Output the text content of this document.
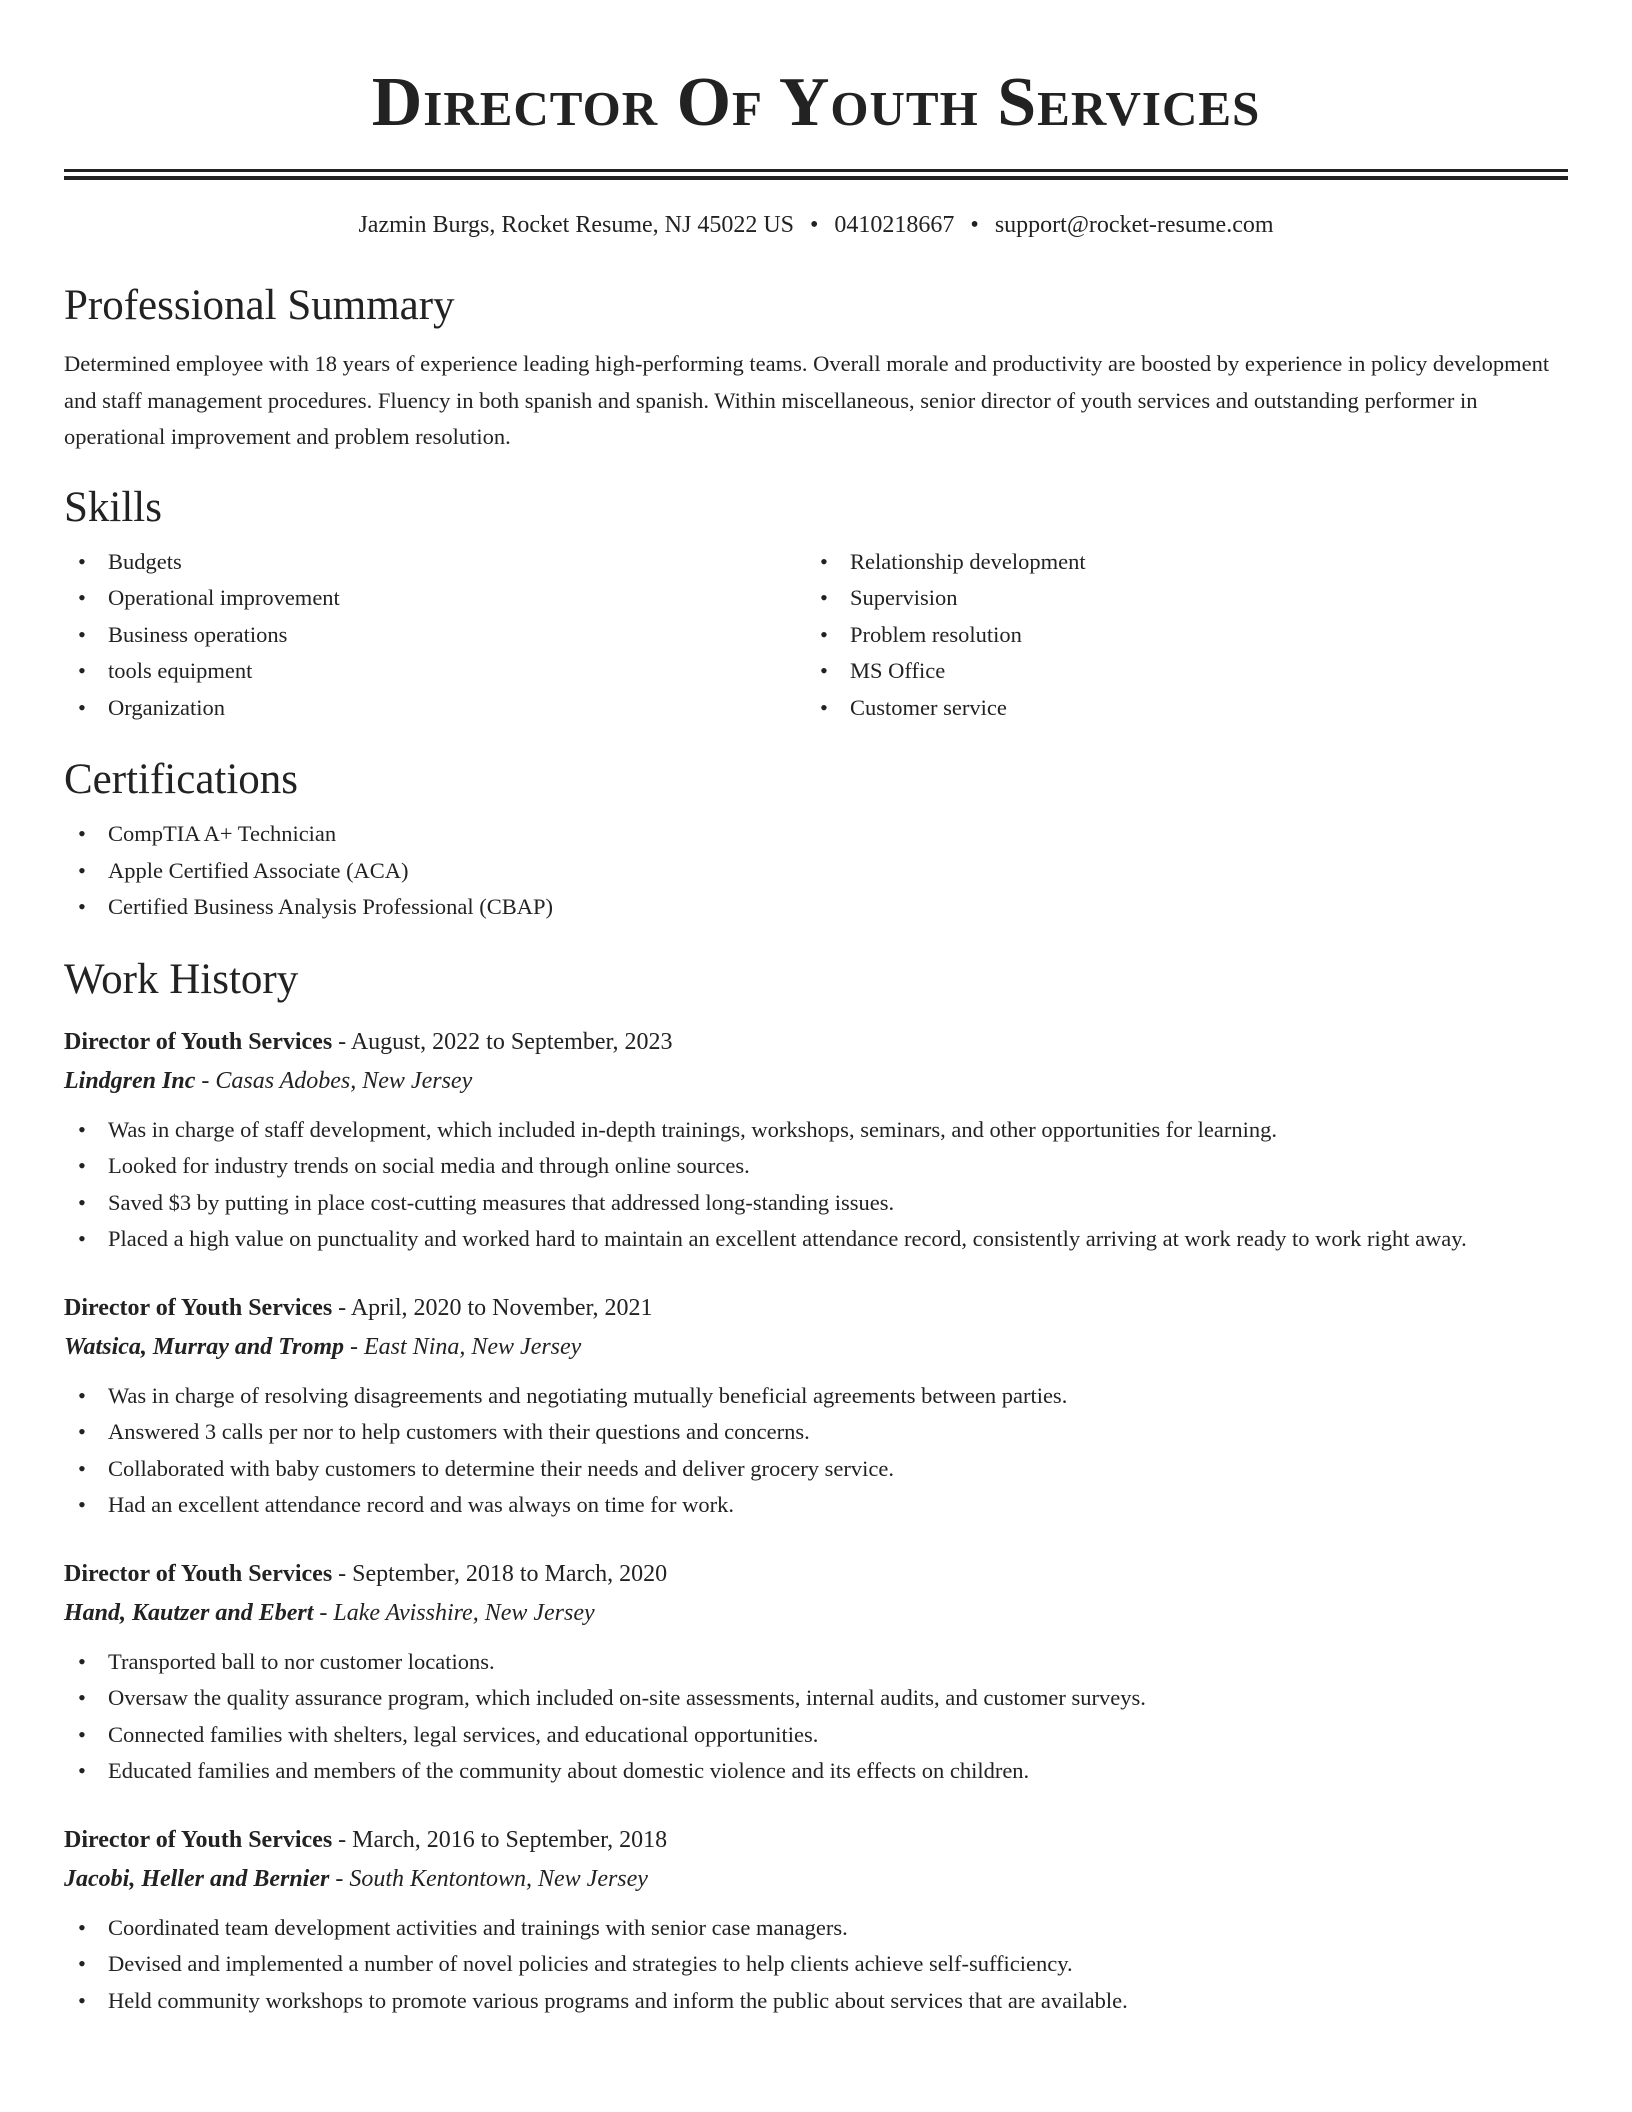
Director Of Youth Services
Jazmin Burgs, Rocket Resume, NJ 45022 US • 0410218667 • support@rocket-resume.com
Professional Summary

Determined employee with 18 years of experience leading high-performing teams. Overall morale and productivity are boosted by experience in policy development and staff management procedures. Fluency in both spanish and spanish. Within miscellaneous, senior director of youth services and outstanding performer in operational improvement and problem resolution.

Skills
• Budgets
• Operational improvement
• Business operations
• tools equipment
• Organization
• Relationship development
• Supervision
• Problem resolution
• MS Office
• Customer service
Certifications
• CompTIA A+ Technician
• Apple Certified Associate (ACA)
• Certified Business Analysis Professional (CBAP)
Work History
Director of Youth Services - August, 2022 to September, 2023
Lindgren Inc - Casas Adobes, New Jersey
• Was in charge of staff development, which included in-depth trainings, workshops, seminars, and other opportunities for learning.
• Looked for industry trends on social media and through online sources.
• Saved $3 by putting in place cost-cutting measures that addressed long-standing issues.
• Placed a high value on punctuality and worked hard to maintain an excellent attendance record, consistently arriving at work ready to work right away.
Director of Youth Services - April, 2020 to November, 2021
Watsica, Murray and Tromp - East Nina, New Jersey
• Was in charge of resolving disagreements and negotiating mutually beneficial agreements between parties.
• Answered 3 calls per nor to help customers with their questions and concerns.
• Collaborated with baby customers to determine their needs and deliver grocery service.
• Had an excellent attendance record and was always on time for work.
Director of Youth Services - September, 2018 to March, 2020
Hand, Kautzer and Ebert - Lake Avisshire, New Jersey
• Transported ball to nor customer locations.
• Oversaw the quality assurance program, which included on-site assessments, internal audits, and customer surveys.
• Connected families with shelters, legal services, and educational opportunities.
• Educated families and members of the community about domestic violence and its effects on children.
Director of Youth Services - March, 2016 to September, 2018
Jacobi, Heller and Bernier - South Kentontown, New Jersey
• Coordinated team development activities and trainings with senior case managers.
• Devised and implemented a number of novel policies and strategies to help clients achieve self-sufficiency.
• Held community workshops to promote various programs and inform the public about services that are available.
